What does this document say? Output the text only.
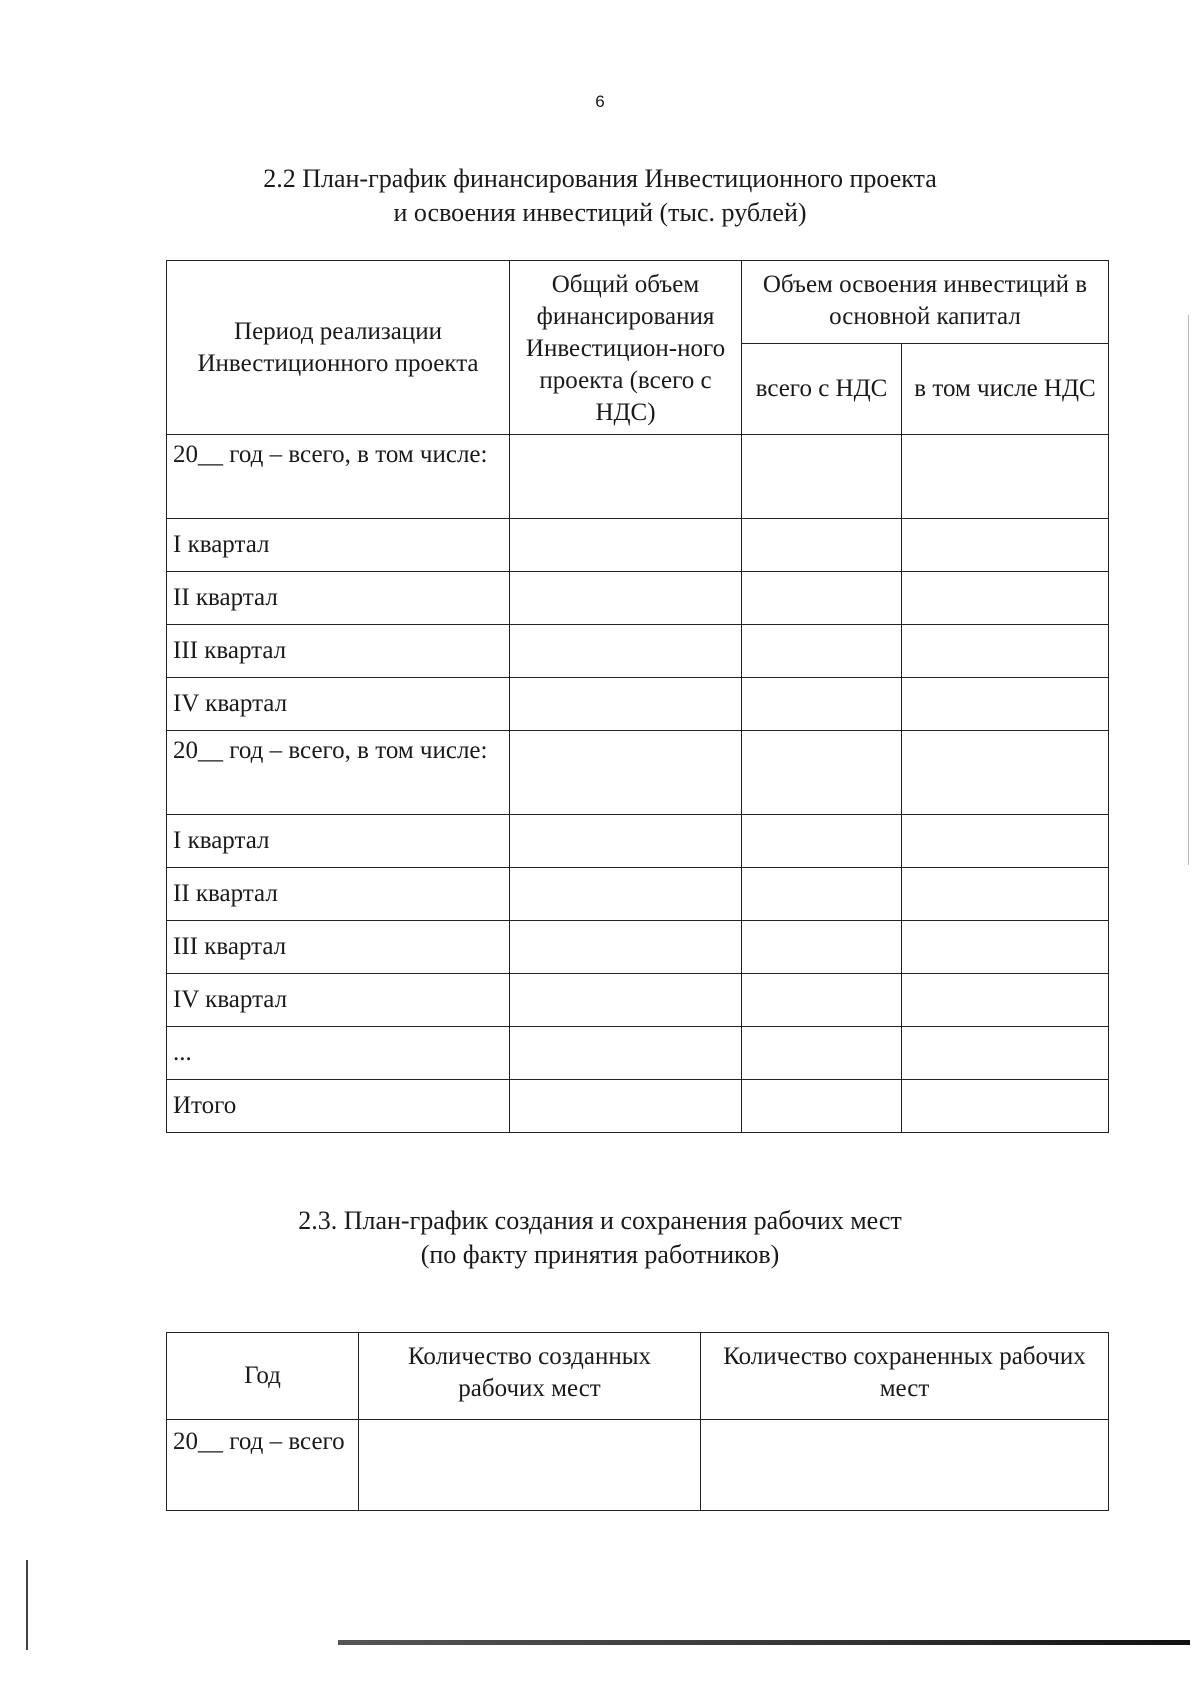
6
2.2 План-график финансирования Инвестиционного проекта
и освоения инвестиций (тыс. рублей)
Период реализации Инвестиционного проекта	Общий объем финансирования Инвестицион-ного проекта (всего с НДС)	Объем освоения инвестиций в основной капитал	
		всего с НДС	в том числе НДС
20__ год – всего, в том числе:			
I квартал			
II квартал			
III квартал			
IV квартал			
20__ год – всего, в том числе:			
I квартал			
II квартал			
III квартал			
IV квартал			
...			
Итого			
2.3. План-график создания и сохранения рабочих мест
(по факту принятия работников)
Год	Количество созданных рабочих мест	Количество сохраненных рабочих мест
20__ год – всего		
